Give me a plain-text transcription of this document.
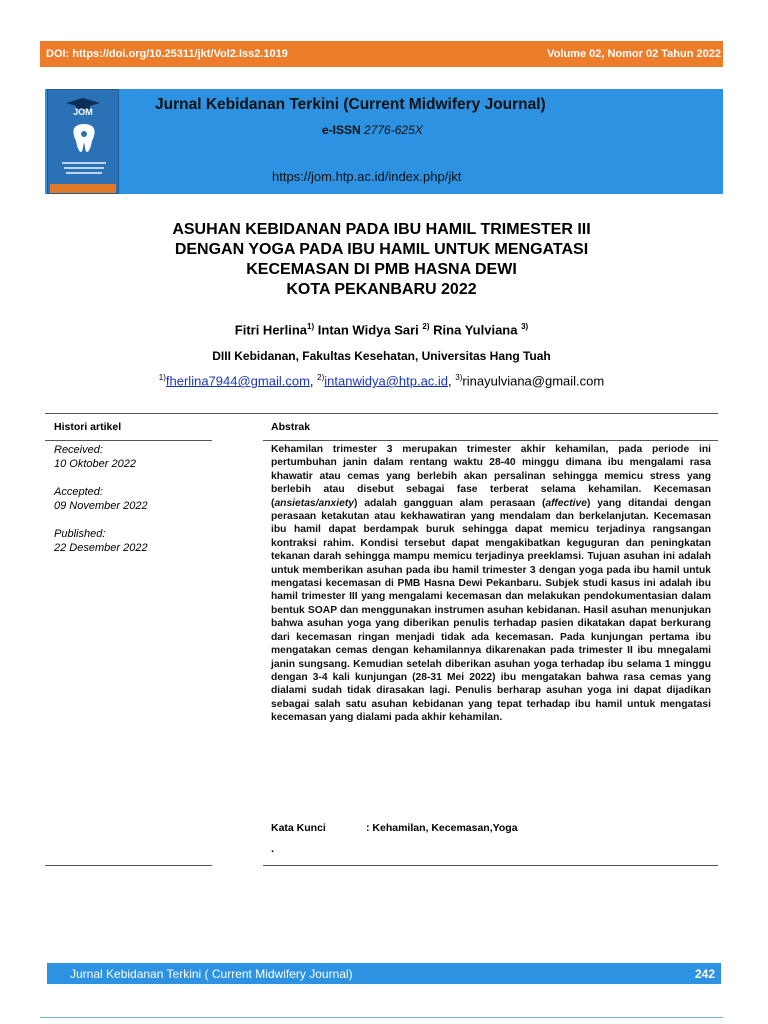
DOI: https://doi.org/10.25311/jkt/Vol2.Iss2.1019	Volume 02, Nomor 02 Tahun 2022
JOM	Jurnal Kebidanan Terkini (Current Midwifery Journal)
e-ISSN 2776-625X
https://jom.htp.ac.id/index.php/jkt
ASUHAN KEBIDANAN PADA IBU HAMIL TRIMESTER III
DENGAN YOGA PADA IBU HAMIL UNTUK MENGATASI
KECEMASAN DI PMB HASNA DEWI
KOTA PEKANBARU 2022
Fitri Herlina$^{1)}$ Intan Widya Sari $^{2)}$ Rina Yulviana $^{3)}$
DIII Kebidanan, Fakultas Kesehatan, Universitas Hang Tuah
$^{1)}$fherlina7944@gmail.com, $^{2)}$intanwidya@htp.ac.id, $^{3)}$rinayulviana@gmail.com
Histori artikel	Abstrak
Received:
10 Oktober 2022
Accepted:
09 November 2022
Published:
22 Desember 2022
Kehamilan trimester 3 merupakan trimester akhir kehamilan, pada periode ini pertumbuhan janin dalam rentang waktu 28-40 minggu dimana ibu mengalami rasa khawatir atau cemas yang berlebih akan persalinan sehingga memicu stress yang berlebih atau disebut sebagai fase terberat selama kehamilan. Kecemasan (ansietas/anxiety) adalah gangguan alam perasaan (affective) yang ditandai dengan perasaan ketakutan atau kekhawatiran yang mendalam dan berkelanjutan. Kecemasan ibu hamil dapat berdampak buruk sehingga dapat memicu terjadinya rangsangan kontraksi rahim. Kondisi tersebut dapat mengakibatkan keguguran dan peningkatan tekanan darah sehingga mampu memicu terjadinya preeklamsi. Tujuan asuhan ini adalah untuk memberikan asuhan pada ibu hamil trimester 3 dengan yoga pada ibu hamil untuk mengatasi kecemasan di PMB Hasna Dewi Pekanbaru. Subjek studi kasus ini adalah ibu hamil trimester III yang mengalami kecemasan dan melakukan pendokumentasian dalam bentuk SOAP dan menggunakan instrumen asuhan kebidanan. Hasil asuhan menunjukan bahwa asuhan yoga yang diberikan penulis terhadap pasien dikatakan dapat berkurang dari kecemasan ringan menjadi tidak ada kecemasan. Pada kunjungan pertama ibu mengatakan cemas dengan kehamilannya dikarenakan pada trimester II ibu mnegalami janin sungsang. Kemudian setelah diberikan asuhan yoga terhadap ibu selama 1 minggu dengan 3-4 kali kunjungan (28-31 Mei 2022) ibu mengatakan bahwa rasa cemas yang dialami sudah tidak dirasakan lagi. Penulis berharap asuhan yoga ini dapat dijadikan sebagai salah satu asuhan kebidanan yang tepat terhadap ibu hamil untuk mengatasi kecemasan yang dialami pada akhir kehamilan.
Kata Kunci	: Kehamilan, Kecemasan,Yoga
.
Jurnal Kebidanan Terkini ( Current Midwifery Journal)	242
